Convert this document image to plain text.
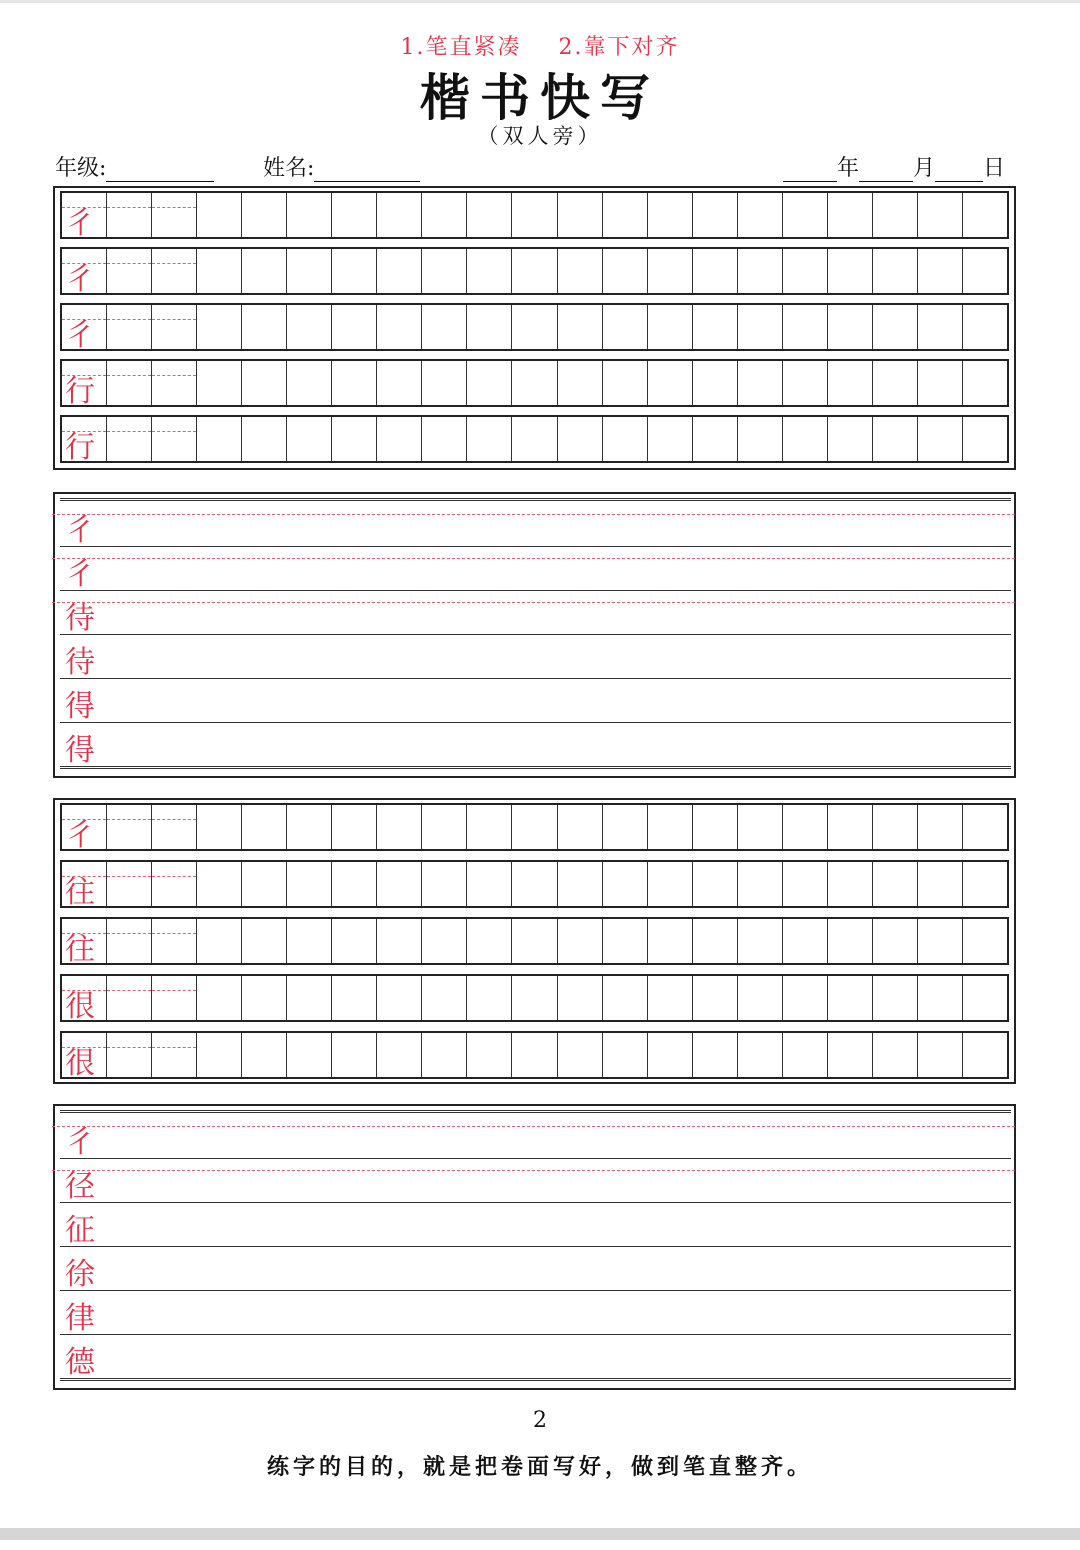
1.笔直紧凑 2.靠下对齐
楷书快写
（双人旁）
年级:	姓名:	年 月 日
彳
彳
彳
行
行
彳
彳
待
待
得
得
彳
往
往
很
很
彳
径
征
徐
律
德
2
练字的目的，就是把卷面写好，做到笔直整齐。
